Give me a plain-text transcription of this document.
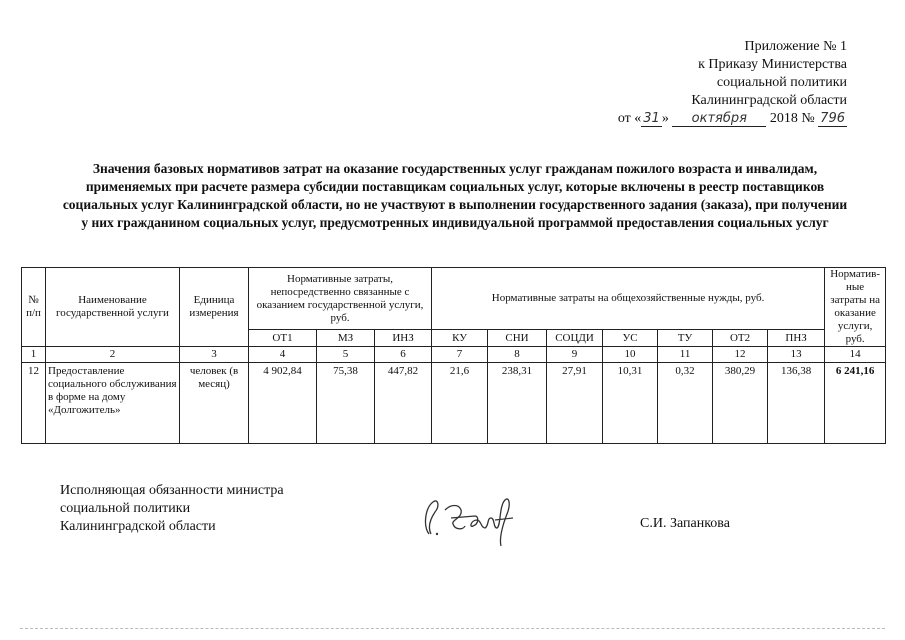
Приложение № 1
к Приказу Министерства
социальной политики
Калининградской области
от « 31 » октября 2018 № 796
Значения базовых нормативов затрат на оказание государственных услуг гражданам пожилого возраста и инвалидам, применяемых при расчете размера субсидии поставщикам социальных услуг, которые включены в реестр поставщиков социальных услуг Калининградской области, но не участвуют в выполнении государственного задания (заказа), при получении у них гражданином социальных услуг, предусмотренных индивидуальной программой предоставления социальных услуг
№ п/п	Наименование государственной услуги	Единица измерения	Нормативные затраты, непосредственно связанные с оказанием государственной услуги, руб.			Нормативные затраты на общехозяйственные нужды, руб.							Норматив-ные затраты на оказание услуги, руб.
			ОТ1	МЗ	ИНЗ	КУ	СНИ	СОЦДИ	УС	ТУ	ОТ2	ПНЗ	
1	2	3	4	5	6	7	8	9	10	11	12	13	14
12	Предоставление социального обслуживания в форме на дому «Долгожитель»	человек (в месяц)	4 902,84	75,38	447,82	21,6	238,31	27,91	10,31	0,32	380,29	136,38	6 241,16
Исполняющая обязанности министра
социальной политики
Калининградской области	С.И. Запанкова
